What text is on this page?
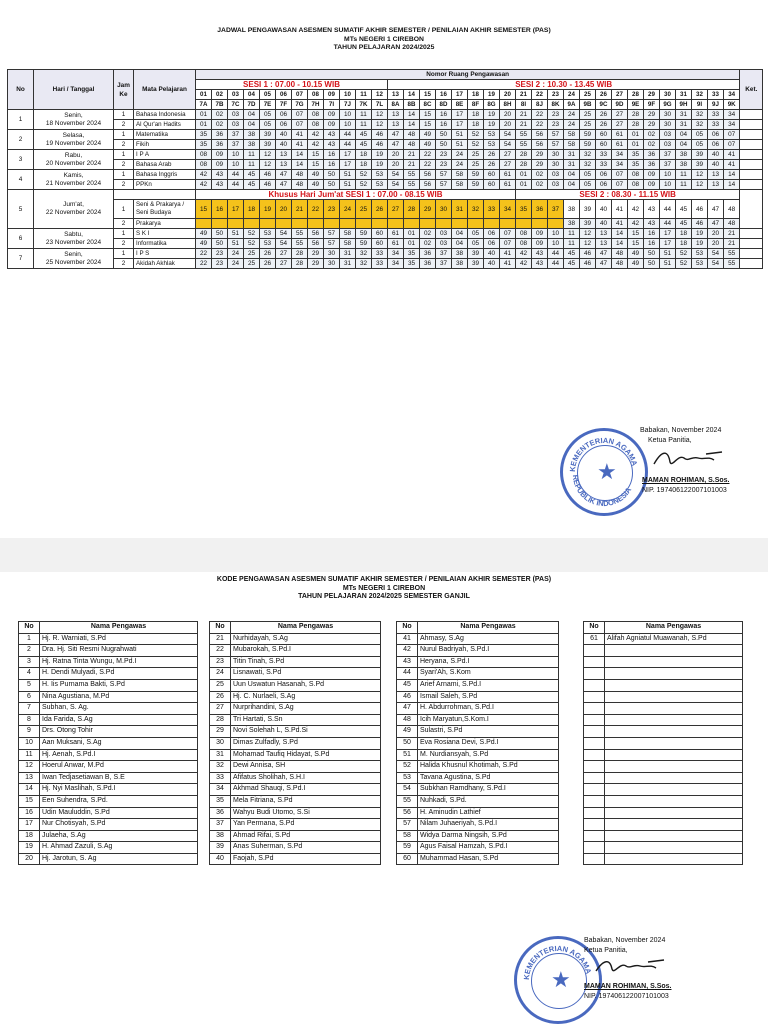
JADWAL PENGAWASAN ASESMEN SUMATIF AKHIR SEMESTER / PENILAIAN AKHIR SEMESTER (PAS)
MTs NEGERI 1 CIREBON
TAHUN PELAJARAN 2024/2025
No	Hari / Tanggal	Jam Ke	Mata Pelajaran	Nomor Ruang Pengawasan																																		Ket.
				SESI 1 : 07.00 - 10.15 WIB												SESI 2 : 10.30 - 13.45 WIB																						
				01	02	03	04	05	06	07	08	09	10	11	12	13	14	15	16	17	18	19	20	21	22	23	24	25	26	27	28	29	30	31	32	33	34	
				7A	7B	7C	7D	7E	7F	7G	7H	7I	7J	7K	7L	8A	8B	8C	8D	8E	8F	8G	8H	8I	8J	8K	9A	9B	9C	9D	9E	9F	9G	9H	9I	9J	9K	
1	Senin,
18 November 2024	1	Bahasa Indonesia	01	02	03	04	05	06	07	08	09	10	11	12	13	14	15	16	17	18	19	20	21	22	23	24	25	26	27	28	29	30	31	32	33	34	
		2	Al Qur'an Hadits	01	02	03	04	05	06	07	08	09	10	11	12	13	14	15	16	17	18	19	20	21	22	23	24	25	26	27	28	29	30	31	32	33	34	
2	Selasa,
19 November 2024	1	Matematika	35	36	37	38	39	40	41	42	43	44	45	46	47	48	49	50	51	52	53	54	55	56	57	58	59	60	61	01	02	03	04	05	06	07	
		2	Fikih	35	36	37	38	39	40	41	42	43	44	45	46	47	48	49	50	51	52	53	54	55	56	57	58	59	60	61	01	02	03	04	05	06	07	
3	Rabu,
20 November 2024	1	I P A	08	09	10	11	12	13	14	15	16	17	18	19	20	21	22	23	24	25	26	27	28	29	30	31	32	33	34	35	36	37	38	39	40	41	
		2	Bahasa Arab	08	09	10	11	12	13	14	15	16	17	18	19	20	21	22	23	24	25	26	27	28	29	30	31	32	33	34	35	36	37	38	39	40	41	
4	Kamis,
21 November 2024	1	Bahasa Inggris	42	43	44	45	46	47	48	49	50	51	52	53	54	55	56	57	58	59	60	61	01	02	03	04	05	06	07	08	09	10	11	12	13	14	
		2	PPKn	42	43	44	45	46	47	48	49	50	51	52	53	54	55	56	57	58	59	60	61	01	02	03	04	05	06	07	08	09	10	11	12	13	14	
5	Jum'at,
22 November 2024			Khusus Hari Jum'at SESI 1 : 07.00 - 08.15 WIB																				SESI 2 : 08.30 - 11.15 WIB														
		1	Seni & Prakarya / Seni Budaya	15	16	17	18	19	20	21	22	23	24	25	26	27	28	29	30	31	32	33	34	35	36	37	38	39	40	41	42	43	44	45	46	47	48	
		2	Prakarya																								38	39	40	41	42	43	44	45	46	47	48	
6	Sabtu,
23 November 2024	1	S K I	49	50	51	52	53	54	55	56	57	58	59	60	61	01	02	03	04	05	06	07	08	09	10	11	12	13	14	15	16	17	18	19	20	21	
		2	Informatika	49	50	51	52	53	54	55	56	57	58	59	60	61	01	02	03	04	05	06	07	08	09	10	11	12	13	14	15	16	17	18	19	20	21	
7	Senin,
25 November 2024	1	I P S	22	23	24	25	26	27	28	29	30	31	32	33	34	35	36	37	38	39	40	41	42	43	44	45	46	47	48	49	50	51	52	53	54	55	
		2	Akidah Akhlak	22	23	24	25	26	27	28	29	30	31	32	33	34	35	36	37	38	39	40	41	42	43	44	45	46	47	48	49	50	51	52	53	54	55	
KEMENTERIAN AGAMA
REPUBLIK INDONESIA
★
Babakan, November 2024
Ketua Panitia,
MAMAN ROHIMAN, S.Sos.
NIP. 197406122007101003
KODE PENGAWASAN ASESMEN SUMATIF AKHIR SEMESTER / PENILAIAN AKHIR SEMESTER (PAS)
MTs NEGERI 1 CIREBON
TAHUN PELAJARAN 2024/2025 SEMESTER GANJIL
No	Nama Pengawas
1	Hj. R. Warniati, S.Pd
2	Dra. Hj. Siti Resmi Nugrahwati
3	Hj. Ratna Tinta Wungu, M.Pd.I
4	H. Dendi Mulyadi, S.Pd
5	H. Iis Purnama Bakti, S.Pd
6	Nina Agustiana, M.Pd
7	Subhan, S. Ag.
8	Ida Farida, S.Ag
9	Drs. Otong Tohir
10	Aan Muksani, S.Ag
11	Hj. Aenah, S.Pd.I
12	Hoerul Anwar, M.Pd
13	Iwan Tedjasetiawan B, S.E
14	Hj. Nyi Maslihah, S.Pd.I
15	Een Suhendra, S.Pd.
16	Udin Mauluddin, S.Pd
17	Nur Chotisyah, S.Pd
18	Julaeha, S.Ag
19	H. Ahmad Zazuli, S.Ag
20	Hj. Jarotun, S. Ag
No	Nama Pengawas
21	Nurhidayah, S.Ag
22	Mubarokah, S.Pd.I
23	Titin Tinah, S.Pd
24	Lisnawati, S.Pd
25	Uun Uswatun Hasanah, S.Pd
26	Hj. C. Nurlaeli, S.Ag
27	Nurprihandini, S.Ag
28	Tri Hartati, S.Sn
29	Novi Solehah L, S.Pd.Si
30	Dimas Zulfadly, S.Pd
31	Mohamad Taufiq Hidayat, S.Pd
32	Dewi Annisa, SH
33	Afifatus Sholihah, S.H.I
34	Akhmad Shauqi, S.Pd.I
35	Mela Fitriana, S.Pd
36	Wahyu Budi Utomo, S.Si
37	Yan Permana, S.Pd
38	Ahmad Rifai, S.Pd
39	Anas Suherman, S.Pd
40	Faojah, S.Pd
No	Nama Pengawas
41	Ahmasy, S.Ag
42	Nurul Badriyah, S.Pd.I
43	Heryana, S.Pd.I
44	Syari'Ah, S.Kom
45	Arief Arnami, S.Pd.I
46	Ismail Saleh, S.Pd
47	H. Abdurrohman, S.Pd.I
48	Icih Maryatun,S.Kom.I
49	Sulastri, S.Pd
50	Eva Rosiana Devi, S.Pd.I
51	M. Nurdiansyah, S.Pd
52	Halida Khusnul Khotimah, S.Pd
53	Tavana Agustina, S.Pd
54	Subkhan Ramdhany, S.Pd.I
55	Nuhkadi, S.Pd.
56	H. Aminudin Lathief
57	Nilam Juhaeriyah, S.Pd.I
58	Widya Darma Ningsih, S.Pd
59	Agus Faisal Hamzah, S.Pd.I
60	Muhammad Hasan, S.Pd
No	Nama Pengawas
61	Alifah Agniatul Muawanah, S.Pd

KEMENTERIAN AGAMA
★
Babakan, November 2024
Ketua Panitia,
MAMAN ROHIMAN, S.Sos.
NIP. 197406122007101003
